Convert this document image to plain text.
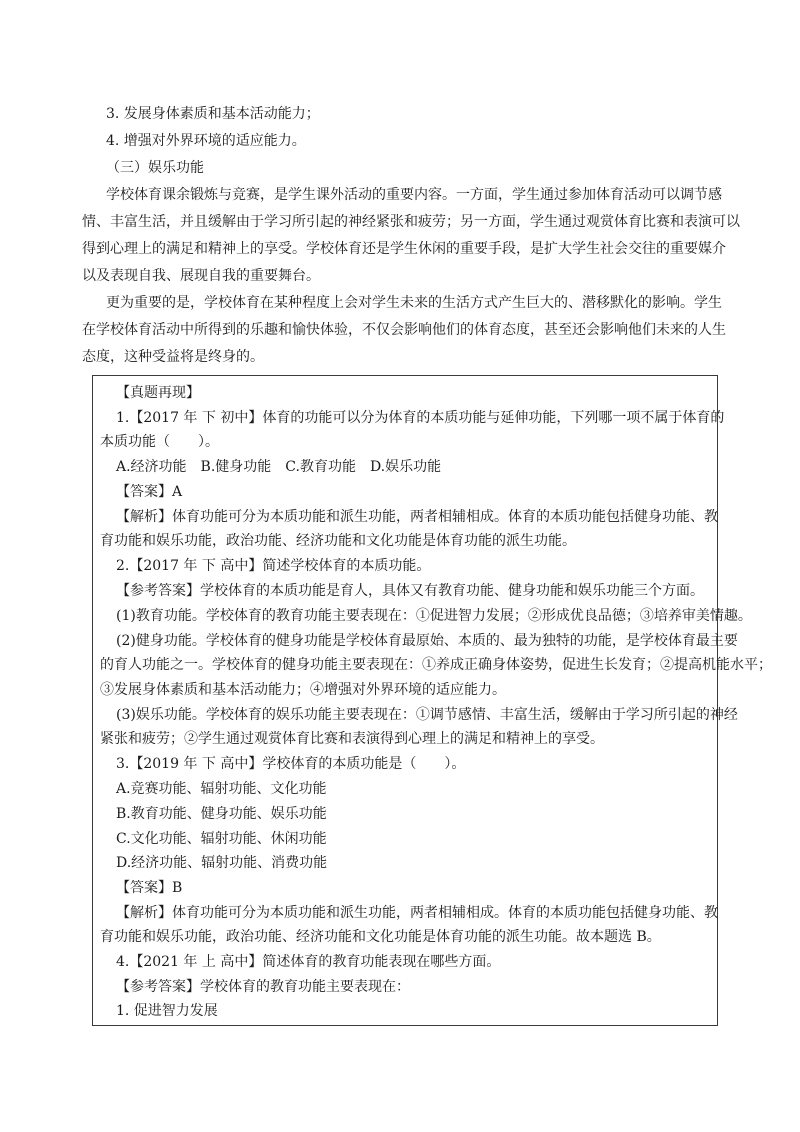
3. 发展身体素质和基本活动能力；

4. 增强对外界环境的适应能力。

（三）娱乐功能

学校体育课余锻炼与竞赛，是学生课外活动的重要内容。一方面，学生通过参加体育活动可以调节感

情、丰富生活，并且缓解由于学习所引起的神经紧张和疲劳；另一方面，学生通过观赏体育比赛和表演可以

得到心理上的满足和精神上的享受。学校体育还是学生休闲的重要手段，是扩大学生社会交往的重要媒介

以及表现自我、展现自我的重要舞台。

更为重要的是，学校体育在某种程度上会对学生未来的生活方式产生巨大的、潜移默化的影响。学生

在学校体育活动中所得到的乐趣和愉快体验，不仅会影响他们的体育态度，甚至还会影响他们未来的人生

态度，这种受益将是终身的。

【真题再现】

1.【2017 年 下 初中】体育的功能可以分为体育的本质功能与延伸功能，下列哪一项不属于体育的

本质功能（　　）。

A.经济功能　B.健身功能　C.教育功能　D.娱乐功能

【答案】A

【解析】体育功能可分为本质功能和派生功能，两者相辅相成。体育的本质功能包括健身功能、教

育功能和娱乐功能，政治功能、经济功能和文化功能是体育功能的派生功能。

2.【2017 年 下 高中】简述学校体育的本质功能。

【参考答案】学校体育的本质功能是育人，具体又有教育功能、健身功能和娱乐功能三个方面。

(1)教育功能。学校体育的教育功能主要表现在：①促进智力发展；②形成优良品德；③培养审美情趣。

(2)健身功能。学校体育的健身功能是学校体育最原始、本质的、最为独特的功能，是学校体育最主要

的育人功能之一。学校体育的健身功能主要表现在：①养成正确身体姿势，促进生长发育；②提高机能水平；

③发展身体素质和基本活动能力；④增强对外界环境的适应能力。

(3)娱乐功能。学校体育的娱乐功能主要表现在：①调节感情、丰富生活，缓解由于学习所引起的神经

紧张和疲劳；②学生通过观赏体育比赛和表演得到心理上的满足和精神上的享受。

3.【2019 年 下 高中】学校体育的本质功能是（　　）。

A.竞赛功能、辐射功能、文化功能

B.教育功能、健身功能、娱乐功能

C.文化功能、辐射功能、休闲功能

D.经济功能、辐射功能、消费功能

【答案】B

【解析】体育功能可分为本质功能和派生功能，两者相辅相成。体育的本质功能包括健身功能、教

育功能和娱乐功能，政治功能、经济功能和文化功能是体育功能的派生功能。故本题选 B。

4.【2021 年 上 高中】简述体育的教育功能表现在哪些方面。

【参考答案】学校体育的教育功能主要表现在：

1. 促进智力发展
